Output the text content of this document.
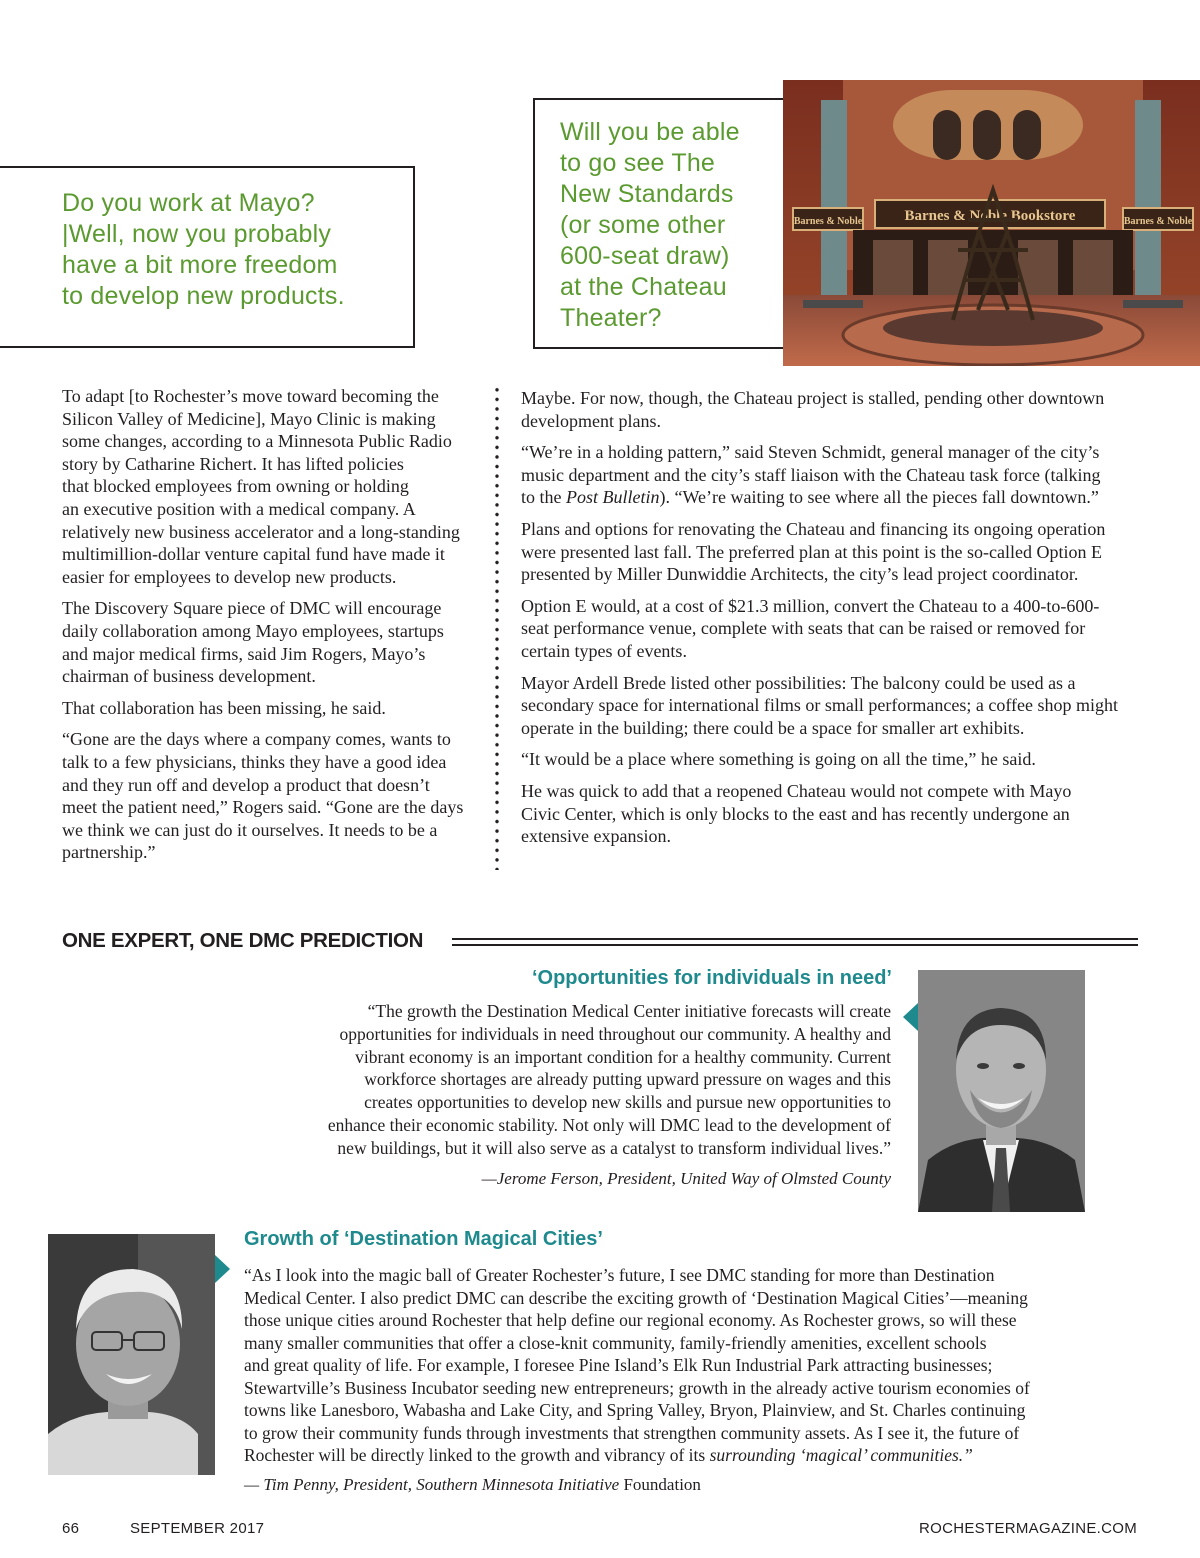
Do you work at Mayo?
|Well, now you probably
have a bit more freedom
to develop new products.
Will you be able
to go see The
New Standards
(or some other
600-seat draw)
at the Chateau
Theater?
Barnes & Noble	Barnes & Noble Bookstore	Barnes & Noble

To adapt [to Rochester’s move toward becoming the
Silicon Valley of Medicine], Mayo Clinic is making
some changes, according to a Minnesota Public Radio
story by Catharine Richert. It has lifted policies
that blocked employees from owning or holding
an executive position with a medical company. A
relatively new business accelerator and a long-standing
multimillion-dollar venture capital fund have made it
easier for employees to develop new products.

The Discovery Square piece of DMC will encourage
daily collaboration among Mayo employees, startups
and major medical firms, said Jim Rogers, Mayo’s
chairman of business development.

That collaboration has been missing, he said.

“Gone are the days where a company comes, wants to
talk to a few physicians, thinks they have a good idea
and they run off and develop a product that doesn’t
meet the patient need,” Rogers said. “Gone are the days
we think we can just do it ourselves. It needs to be a
partnership.”

Maybe. For now, though, the Chateau project is stalled, pending other downtown
development plans.

“We’re in a holding pattern,” said Steven Schmidt, general manager of the city’s
music department and the city’s staff liaison with the Chateau task force (talking
to the Post Bulletin). “We’re waiting to see where all the pieces fall downtown.”

Plans and options for renovating the Chateau and financing its ongoing operation
were presented last fall. The preferred plan at this point is the so-called Option E
presented by Miller Dunwiddie Architects, the city’s lead project coordinator.

Option E would, at a cost of $21.3 million, convert the Chateau to a 400-to-600-
seat performance venue, complete with seats that can be raised or removed for
certain types of events.

Mayor Ardell Brede listed other possibilities: The balcony could be used as a
secondary space for international films or small performances; a coffee shop might
operate in the building; there could be a space for smaller art exhibits.

“It would be a place where something is going on all the time,” he said.

He was quick to add that a reopened Chateau would not compete with Mayo
Civic Center, which is only blocks to the east and has recently undergone an
extensive expansion.

ONE EXPERT, ONE DMC PREDICTION
‘Opportunities for individuals in need’
“The growth the Destination Medical Center initiative forecasts will create
opportunities for individuals in need throughout our community. A healthy and
vibrant economy is an important condition for a healthy community. Current
workforce shortages are already putting upward pressure on wages and this
creates opportunities to develop new skills and pursue new opportunities to
enhance their economic stability. Not only will DMC lead to the development of
new buildings, but it will also serve as a catalyst to transform individual lives.”
—Jerome Ferson, President, United Way of Olmsted County
Growth of ‘Destination Magical Cities’
“As I look into the magic ball of Greater Rochester’s future, I see DMC standing for more than Destination
Medical Center. I also predict DMC can describe the exciting growth of ‘Destination Magical Cities’—meaning
those unique cities around Rochester that help define our regional economy. As Rochester grows, so will these
many smaller communities that offer a close-knit community, family-friendly amenities, excellent schools
and great quality of life. For example, I foresee Pine Island’s Elk Run Industrial Park attracting businesses;
Stewartville’s Business Incubator seeding new entrepreneurs; growth in the already active tourism economies of
towns like Lanesboro, Wabasha and Lake City, and Spring Valley, Bryon, Plainview, and St. Charles continuing
to grow their community funds through investments that strengthen community assets. As I see it, the future of
Rochester will be directly linked to the growth and vibrancy of its surrounding ‘magical’ communities.”
— Tim Penny, President, Southern Minnesota Initiative Foundation
66	SEPTEMBER 2017	ROCHESTERMAGAZINE.COM
